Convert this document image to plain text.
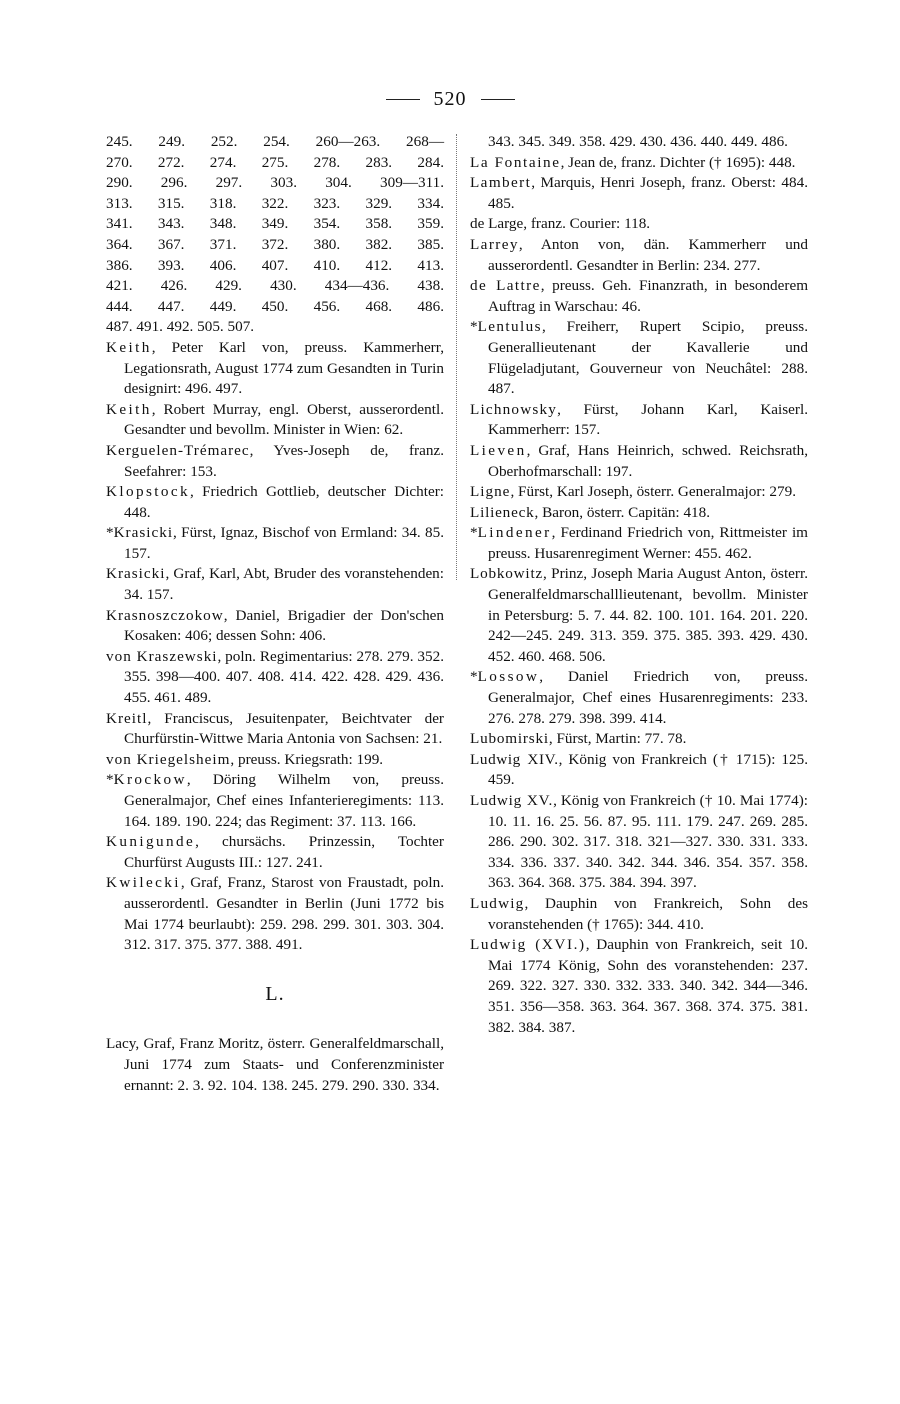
520
245. 249. 252. 254. 260—263. 268—
270. 272. 274. 275. 278. 283. 284.
290. 296. 297. 303. 304. 309—311.
313. 315. 318. 322. 323. 329. 334.
341. 343. 348. 349. 354. 358. 359.
364. 367. 371. 372. 380. 382. 385.
386. 393. 406. 407. 410. 412. 413.
421. 426. 429. 430. 434—436. 438.
444. 447. 449. 450. 456. 468. 486.
487. 491. 492. 505. 507.
Keith, Peter Karl von, preuss. Kammerherr, Legationsrath, August 1774 zum Gesandten in Turin designirt: 496. 497.
Keith, Robert Murray, engl. Oberst, ausserordentl. Gesandter und bevollm. Minister in Wien: 62.
Kerguelen-Trémarec, Yves-Joseph de, franz. Seefahrer: 153.
Klopstock, Friedrich Gottlieb, deutscher Dichter: 448.
*Krasicki, Fürst, Ignaz, Bischof von Ermland: 34. 85. 157.
Krasicki, Graf, Karl, Abt, Bruder des voranstehenden: 34. 157.
Krasnoszczokow, Daniel, Brigadier der Don'schen Kosaken: 406; dessen Sohn: 406.
von Kraszewski, poln. Regimentarius: 278. 279. 352. 355. 398—400. 407. 408. 414. 422. 428. 429. 436. 455. 461. 489.
Kreitl, Franciscus, Jesuitenpater, Beichtvater der Churfürstin-Wittwe Maria Antonia von Sachsen: 21.
von Kriegelsheim, preuss. Kriegsrath: 199.
*Krockow, Döring Wilhelm von, preuss. Generalmajor, Chef eines Infanterieregiments: 113. 164. 189. 190. 224; das Regiment: 37. 113. 166.
Kunigunde, chursächs. Prinzessin, Tochter Churfürst Augusts III.: 127. 241.
Kwilecki, Graf, Franz, Starost von Fraustadt, poln. ausserordentl. Gesandter in Berlin (Juni 1772 bis Mai 1774 beurlaubt): 259. 298. 299. 301. 303. 304. 312. 317. 375. 377. 388. 491.
L.
Lacy, Graf, Franz Moritz, österr. Generalfeldmarschall, Juni 1774 zum Staats- und Conferenzminister ernannt: 2. 3. 92. 104. 138. 245. 279. 290. 330. 334.
343. 345. 349. 358. 429. 430. 436. 440. 449. 486.
La Fontaine, Jean de, franz. Dichter († 1695): 448.
Lambert, Marquis, Henri Joseph, franz. Oberst: 484. 485.
de Large, franz. Courier: 118.
Larrey, Anton von, dän. Kammerherr und ausserordentl. Gesandter in Berlin: 234. 277.
de Lattre, preuss. Geh. Finanzrath, in besonderem Auftrag in Warschau: 46.
*Lentulus, Freiherr, Rupert Scipio, preuss. Generallieutenant der Kavallerie und Flügeladjutant, Gouverneur von Neuchâtel: 288. 487.
Lichnowsky, Fürst, Johann Karl, Kaiserl. Kammerherr: 157.
Lieven, Graf, Hans Heinrich, schwed. Reichsrath, Oberhofmarschall: 197.
Ligne, Fürst, Karl Joseph, österr. Generalmajor: 279.
Lilieneck, Baron, österr. Capitän: 418.
*Lindener, Ferdinand Friedrich von, Rittmeister im preuss. Husarenregiment Werner: 455. 462.
Lobkowitz, Prinz, Joseph Maria August Anton, österr. Generalfeldmarschalllieutenant, bevollm. Minister in Petersburg: 5. 7. 44. 82. 100. 101. 164. 201. 220. 242—245. 249. 313. 359. 375. 385. 393. 429. 430. 452. 460. 468. 506.
*Lossow, Daniel Friedrich von, preuss. Generalmajor, Chef eines Husarenregiments: 233. 276. 278. 279. 398. 399. 414.
Lubomirski, Fürst, Martin: 77. 78.
Ludwig XIV., König von Frankreich († 1715): 125. 459.
Ludwig XV., König von Frankreich († 10. Mai 1774): 10. 11. 16. 25. 56. 87. 95. 111. 179. 247. 269. 285. 286. 290. 302. 317. 318. 321—327. 330. 331. 333. 334. 336. 337. 340. 342. 344. 346. 354. 357. 358. 363. 364. 368. 375. 384. 394. 397.
Ludwig, Dauphin von Frankreich, Sohn des voranstehenden († 1765): 344. 410.
Ludwig (XVI.), Dauphin von Frankreich, seit 10. Mai 1774 König, Sohn des voranstehenden: 237. 269. 322. 327. 330. 332. 333. 340. 342. 344—346. 351. 356—358. 363. 364. 367. 368. 374. 375. 381. 382. 384. 387.
